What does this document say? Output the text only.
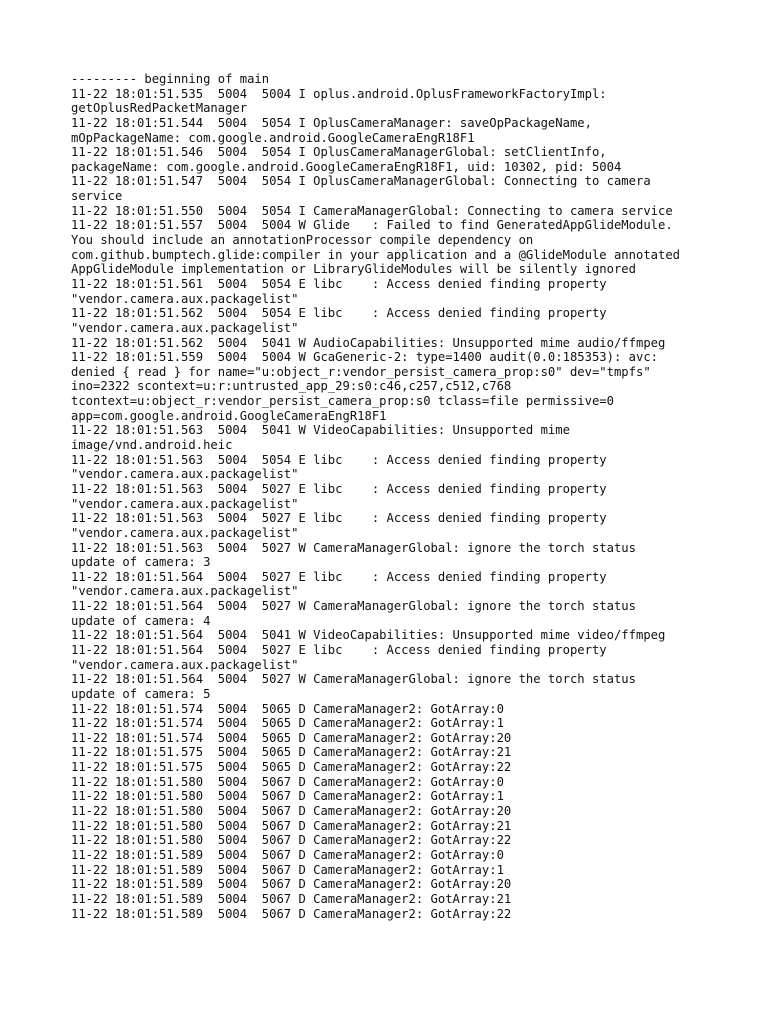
--------- beginning of main
11-22 18:01:51.535  5004  5004 I oplus.android.OplusFrameworkFactoryImpl:
getOplusRedPacketManager
11-22 18:01:51.544  5004  5054 I OplusCameraManager: saveOpPackageName,
mOpPackageName: com.google.android.GoogleCameraEngR18F1
11-22 18:01:51.546  5004  5054 I OplusCameraManagerGlobal: setClientInfo,
packageName: com.google.android.GoogleCameraEngR18F1, uid: 10302, pid: 5004
11-22 18:01:51.547  5004  5054 I OplusCameraManagerGlobal: Connecting to camera
service
11-22 18:01:51.550  5004  5054 I CameraManagerGlobal: Connecting to camera service
11-22 18:01:51.557  5004  5004 W Glide   : Failed to find GeneratedAppGlideModule.
You should include an annotationProcessor compile dependency on
com.github.bumptech.glide:compiler in your application and a @GlideModule annotated
AppGlideModule implementation or LibraryGlideModules will be silently ignored
11-22 18:01:51.561  5004  5054 E libc    : Access denied finding property
"vendor.camera.aux.packagelist"
11-22 18:01:51.562  5004  5054 E libc    : Access denied finding property
"vendor.camera.aux.packagelist"
11-22 18:01:51.562  5004  5041 W AudioCapabilities: Unsupported mime audio/ffmpeg
11-22 18:01:51.559  5004  5004 W GcaGeneric-2: type=1400 audit(0.0:185353): avc:
denied { read } for name="u:object_r:vendor_persist_camera_prop:s0" dev="tmpfs"
ino=2322 scontext=u:r:untrusted_app_29:s0:c46,c257,c512,c768
tcontext=u:object_r:vendor_persist_camera_prop:s0 tclass=file permissive=0
app=com.google.android.GoogleCameraEngR18F1
11-22 18:01:51.563  5004  5041 W VideoCapabilities: Unsupported mime
image/vnd.android.heic
11-22 18:01:51.563  5004  5054 E libc    : Access denied finding property
"vendor.camera.aux.packagelist"
11-22 18:01:51.563  5004  5027 E libc    : Access denied finding property
"vendor.camera.aux.packagelist"
11-22 18:01:51.563  5004  5027 E libc    : Access denied finding property
"vendor.camera.aux.packagelist"
11-22 18:01:51.563  5004  5027 W CameraManagerGlobal: ignore the torch status
update of camera: 3
11-22 18:01:51.564  5004  5027 E libc    : Access denied finding property
"vendor.camera.aux.packagelist"
11-22 18:01:51.564  5004  5027 W CameraManagerGlobal: ignore the torch status
update of camera: 4
11-22 18:01:51.564  5004  5041 W VideoCapabilities: Unsupported mime video/ffmpeg
11-22 18:01:51.564  5004  5027 E libc    : Access denied finding property
"vendor.camera.aux.packagelist"
11-22 18:01:51.564  5004  5027 W CameraManagerGlobal: ignore the torch status
update of camera: 5
11-22 18:01:51.574  5004  5065 D CameraManager2: GotArray:0
11-22 18:01:51.574  5004  5065 D CameraManager2: GotArray:1
11-22 18:01:51.574  5004  5065 D CameraManager2: GotArray:20
11-22 18:01:51.575  5004  5065 D CameraManager2: GotArray:21
11-22 18:01:51.575  5004  5065 D CameraManager2: GotArray:22
11-22 18:01:51.580  5004  5067 D CameraManager2: GotArray:0
11-22 18:01:51.580  5004  5067 D CameraManager2: GotArray:1
11-22 18:01:51.580  5004  5067 D CameraManager2: GotArray:20
11-22 18:01:51.580  5004  5067 D CameraManager2: GotArray:21
11-22 18:01:51.580  5004  5067 D CameraManager2: GotArray:22
11-22 18:01:51.589  5004  5067 D CameraManager2: GotArray:0
11-22 18:01:51.589  5004  5067 D CameraManager2: GotArray:1
11-22 18:01:51.589  5004  5067 D CameraManager2: GotArray:20
11-22 18:01:51.589  5004  5067 D CameraManager2: GotArray:21
11-22 18:01:51.589  5004  5067 D CameraManager2: GotArray:22
